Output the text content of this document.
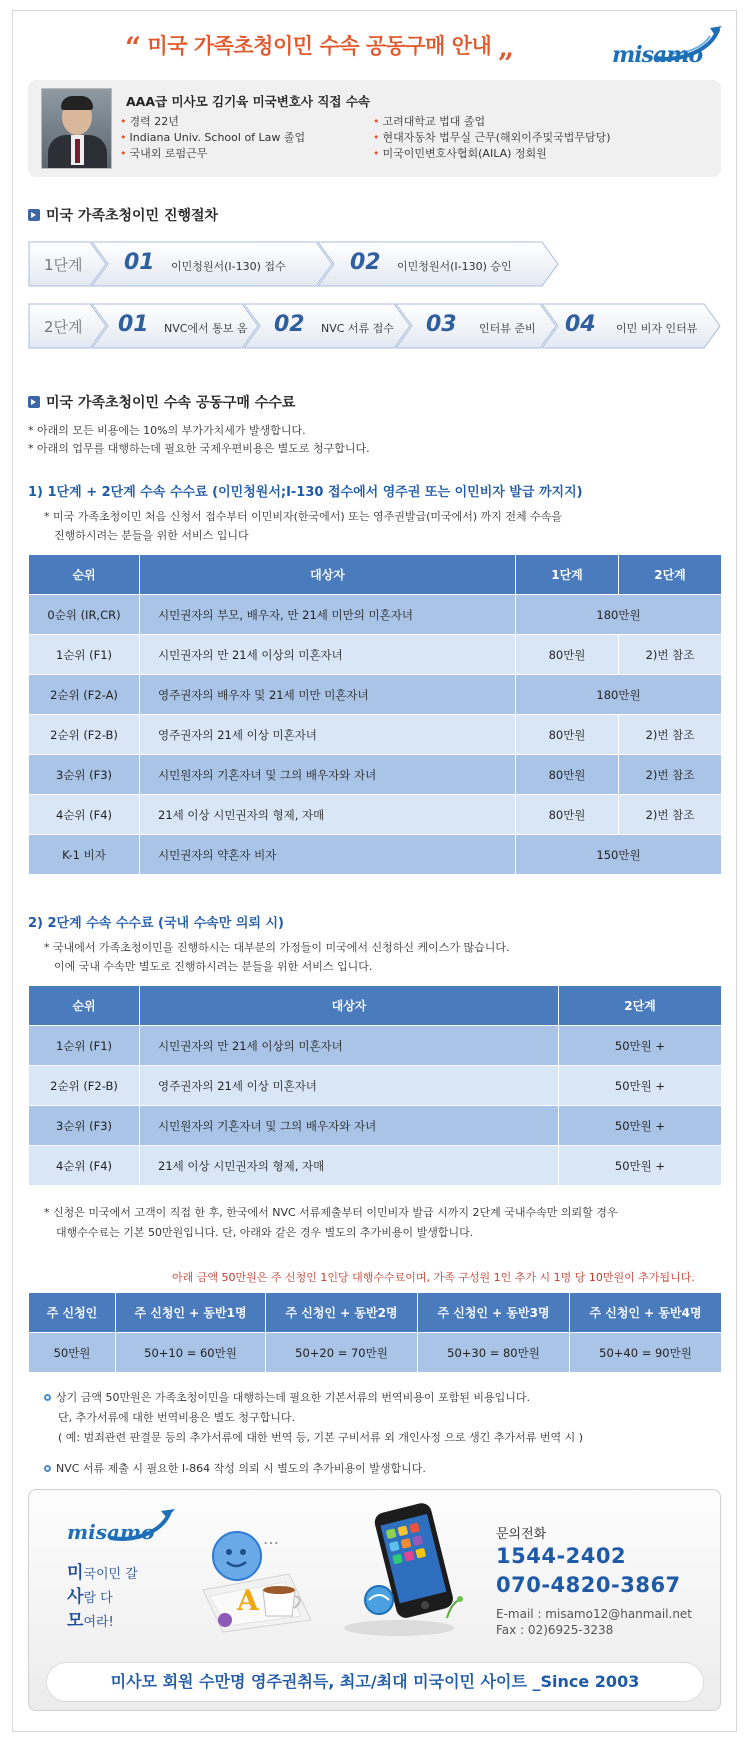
“ 미국 가족초청이민 수속 공동구매 안내 „	misamo
AAA급 미사모 김기육 미국변호사 직접 수속
• 경력 22년
• Indiana Univ. School of Law 졸업
• 국내외 로펌근무
• 고려대학교 법대 졸업
• 현대자동차 법무실 근무(해외이주및국법무담당)
• 미국이민변호사협회(AILA) 정회원
미국 가족초청이민 진행절차
1단계 01 이민청원서(I-130) 접수	02 이민청원서(I-130) 승인
2단계 01 NVC에서 통보 옴 02 NVC 서류 접수 03 인터뷰 준비 04 이민 비자 인터뷰
미국 가족초청이민 수속 공동구매 수수료
* 아래의 모든 비용에는 10%의 부가가치세가 발생합니다.
* 아래의 업무를 대행하는데 필요한 국제우편비용은 별도로 청구합니다.
1) 1단계 + 2단계 수속 수수료 (이민청원서;I-130 접수에서 영주권 또는 이민비자 발급 까지지)
* 미국 가족초청이민 처음 신청서 접수부터 이민비자(한국에서) 또는 영주권발급(미국에서) 까지 전체 수속을
진행하시려는 분들을 위한 서비스 입니다
순위	대상자	1단계	2단계
0순위 (IR,CR)	시민권자의 부모, 배우자, 만 21세 미만의 미혼자녀	180만원	
1순위 (F1)	시민권자의 만 21세 이상의 미혼자녀	80만원	2)번 참조
2순위 (F2-A)	영주권자의 배우자 및 21세 미만 미혼자녀	180만원	
2순위 (F2-B)	영주권자의 21세 이상 미혼자녀	80만원	2)번 참조
3순위 (F3)	시민원자의 기혼자녀 및 그의 배우자와 자녀	80만원	2)번 참조
4순위 (F4)	21세 이상 시민권자의 형제, 자매	80만원	2)번 참조
K-1 비자	시민권자의 약혼자 비자	150만원	
2) 2단계 수속 수수료 (국내 수속만 의뢰 시)
* 국내에서 가족초청이민을 진행하시는 대부분의 가정들이 미국에서 신청하신 케이스가 많습니다.
이에 국내 수속만 별도로 진행하시려는 분들을 위한 서비스 입니다.
순위	대상자	2단계
1순위 (F1)	시민권자의 만 21세 이상의 미혼자녀	50만원 +
2순위 (F2-B)	영주권자의 21세 이상 미혼자녀	50만원 +
3순위 (F3)	시민원자의 기혼자녀 및 그의 배우자와 자녀	50만원 +
4순위 (F4)	21세 이상 시민권자의 형제, 자매	50만원 +
* 신청은 미국에서 고객이 직접 한 후, 한국에서 NVC 서류제출부터 이민비자 발급 시까지 2단계 국내수속만 의뢰할 경우
대행수수료는 기본 50만원입니다. 단, 아래와 같은 경우 별도의 추가비용이 발생합니다.
아래 금액 50만원은 주 신청인 1인당 대행수수료이며, 가족 구성원 1인 추가 시 1명 당 10만원이 추가됩니다.
주 신청인	주 신청인 + 동반1명	주 신청인 + 동반2명	주 신청인 + 동반3명	주 신청인 + 동반4명
50만원	50+10 = 60만원	50+20 = 70만원	50+30 = 80만원	50+40 = 90만원
상기 금액 50만원은 가족초청이민을 대행하는데 필요한 기본서류의 번역비용이 포함된 비용입니다.
단, 추가서류에 대한 번역비용은 별도 청구합니다.
( 예: 범죄관련 판결문 등의 추가서류에 대한 번역 등, 기본 구비서류 외 개인사정 으로 생긴 추가서류 번역 시 )
NVC 서류 제출 시 필요한 I-864 작성 의뢰 시 별도의 추가비용이 발생합니다.
misamo
미국이민 갈
사람 다
모여라!
…
A
문의전화
1544-2402
070-4820-3867
E-mail : misamo12@hanmail.net
Fax : 02)6925-3238
미사모 회원 수만명 영주권취득, 최고/최대 미국이민 사이트 _Since 2003
